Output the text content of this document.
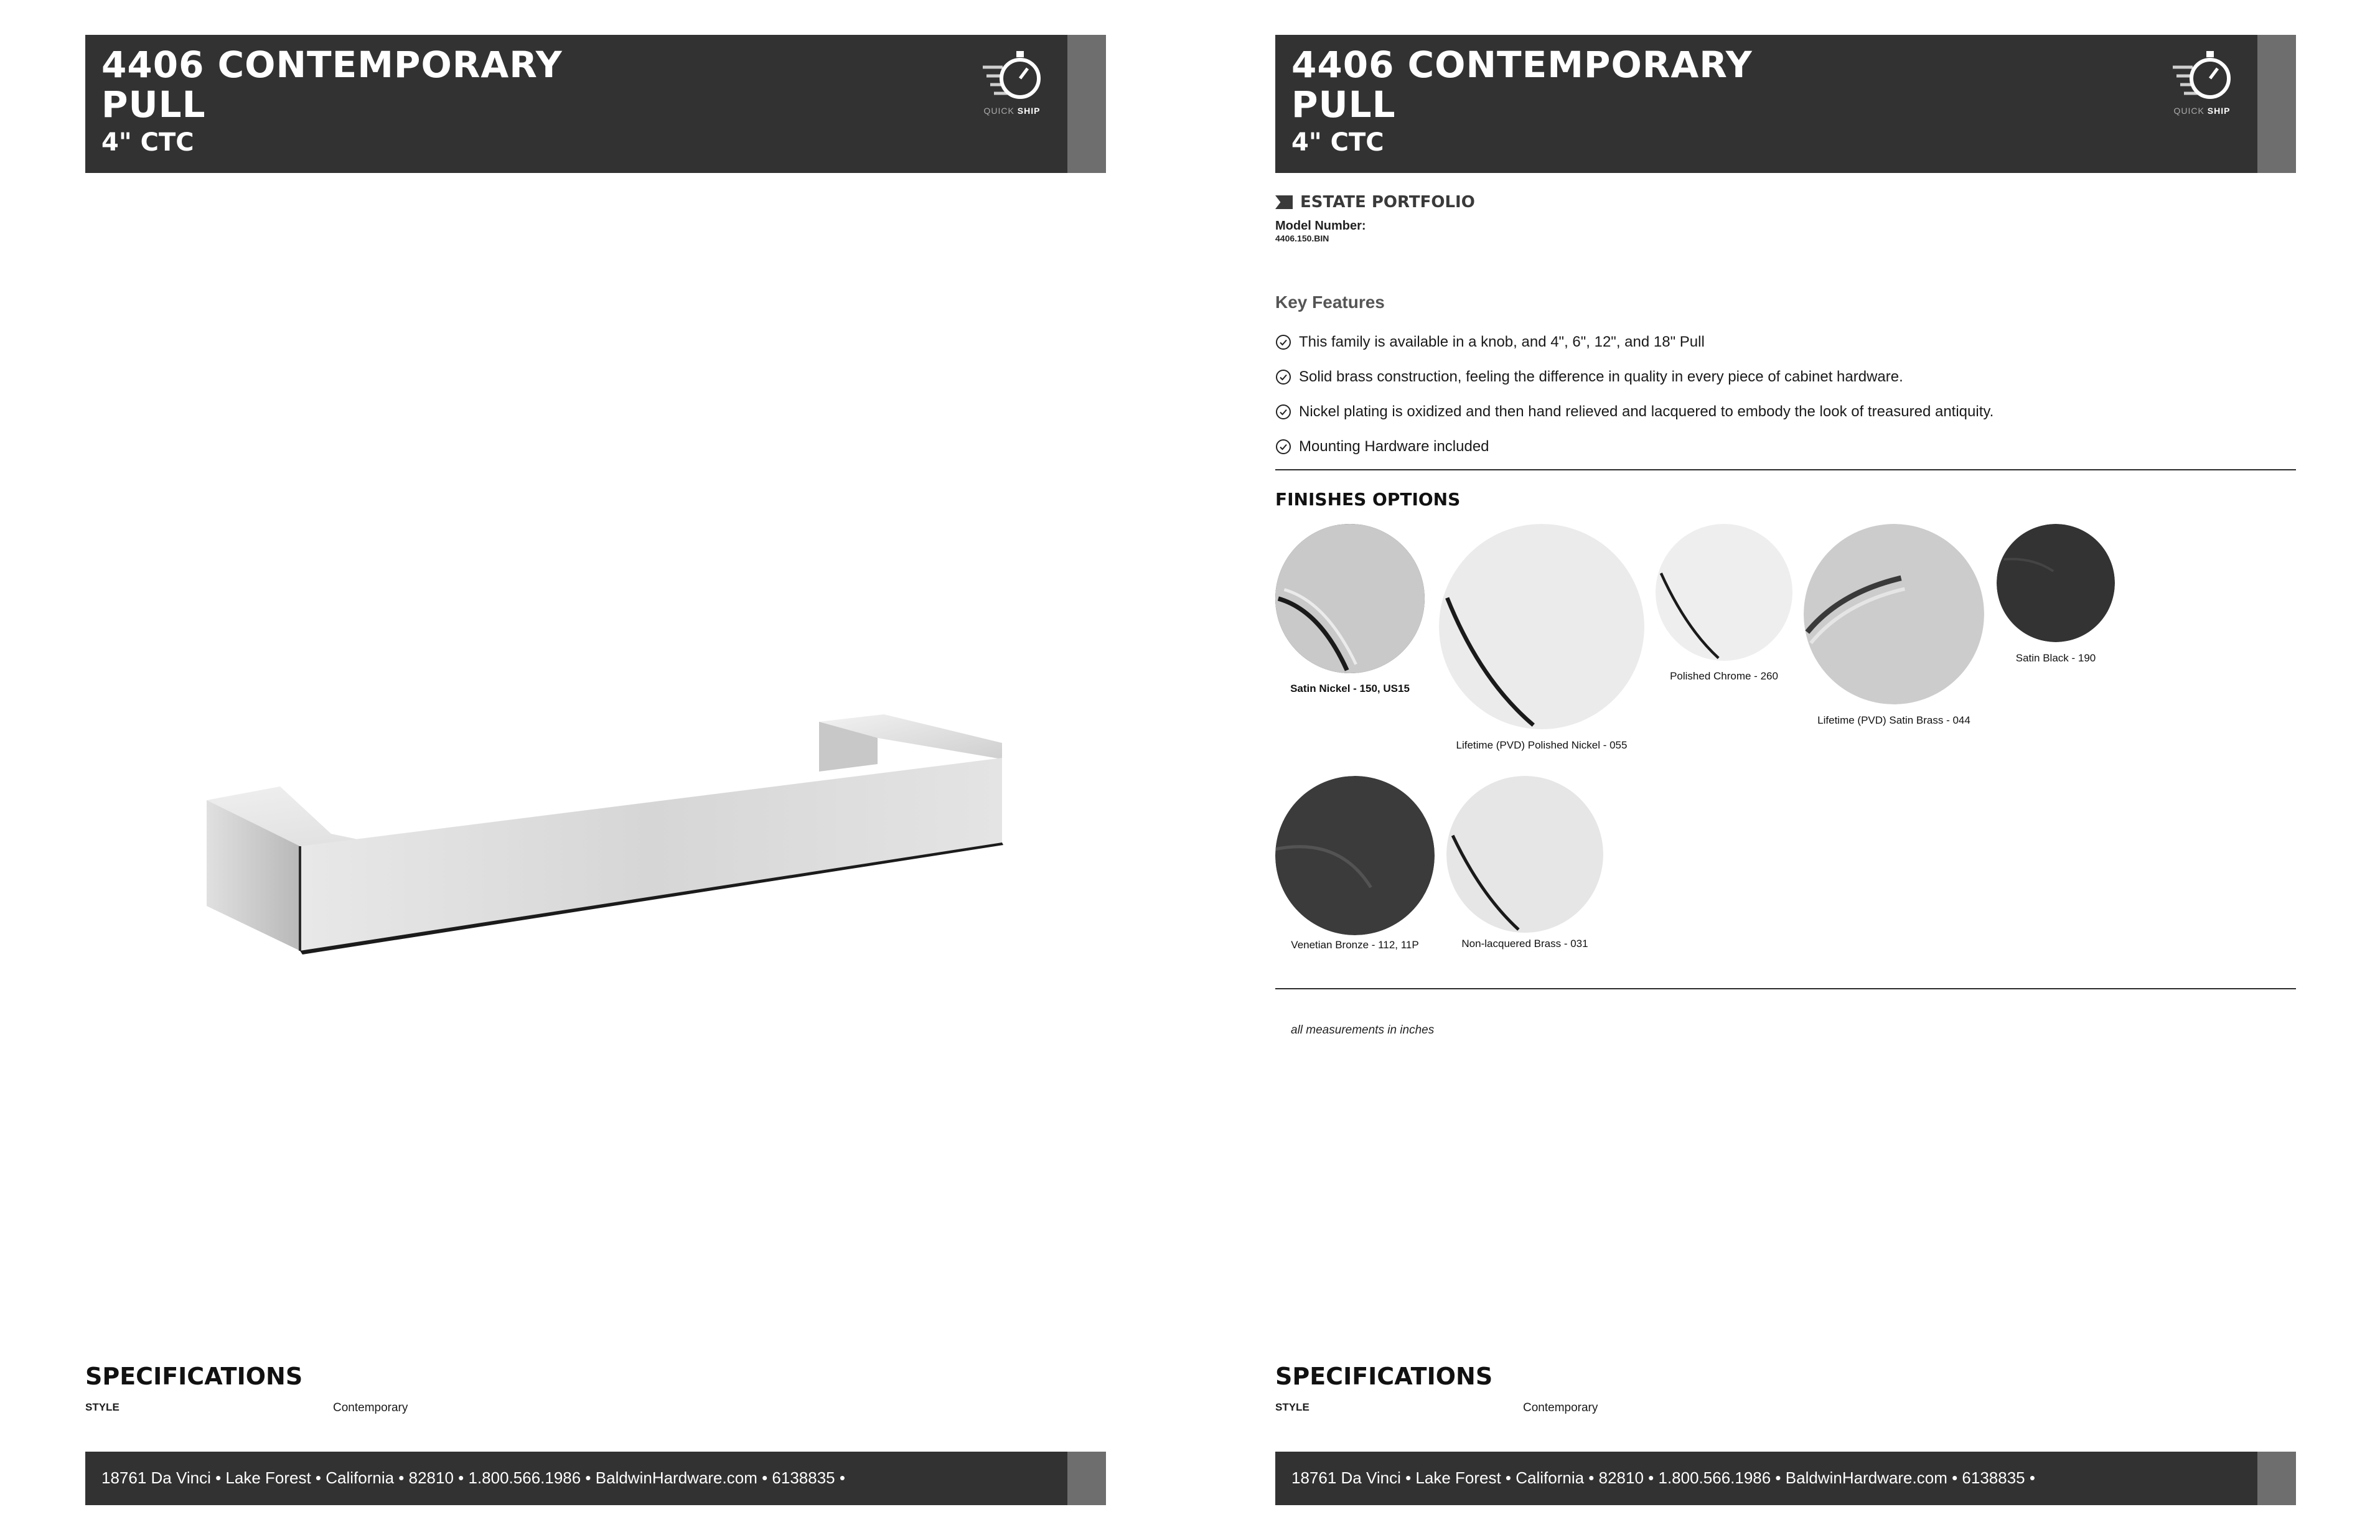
4406 CONTEMPORARY PULL
4" CTC
QUICK SHIP
SPECIFICATIONS
STYLE	Contemporary
18761 Da Vinci • Lake Forest • California • 82810 • 1.800.566.1986 • BaldwinHardware.com • 6138835 •
4406 CONTEMPORARY PULL
4" CTC
QUICK SHIP
ESTATE PORTFOLIO
Model Number:
4406.150.BIN
Key Features
This family is available in a knob, and 4", 6", 12", and 18" Pull
Solid brass construction, feeling the difference in quality in every piece of cabinet hardware.
Nickel plating is oxidized and then hand relieved and lacquered to embody the look of treasured antiquity.
Mounting Hardware included
FINISHES OPTIONS
Satin Nickel - 150, US15
Lifetime (PVD) Polished Nickel - 055
Polished Chrome - 260
Lifetime (PVD) Satin Brass - 044
Satin Black - 190
Venetian Bronze - 112, 11P	Non-lacquered Brass - 031
all measurements in inches
SPECIFICATIONS
STYLE	Contemporary
18761 Da Vinci • Lake Forest • California • 82810 • 1.800.566.1986 • BaldwinHardware.com • 6138835 •
